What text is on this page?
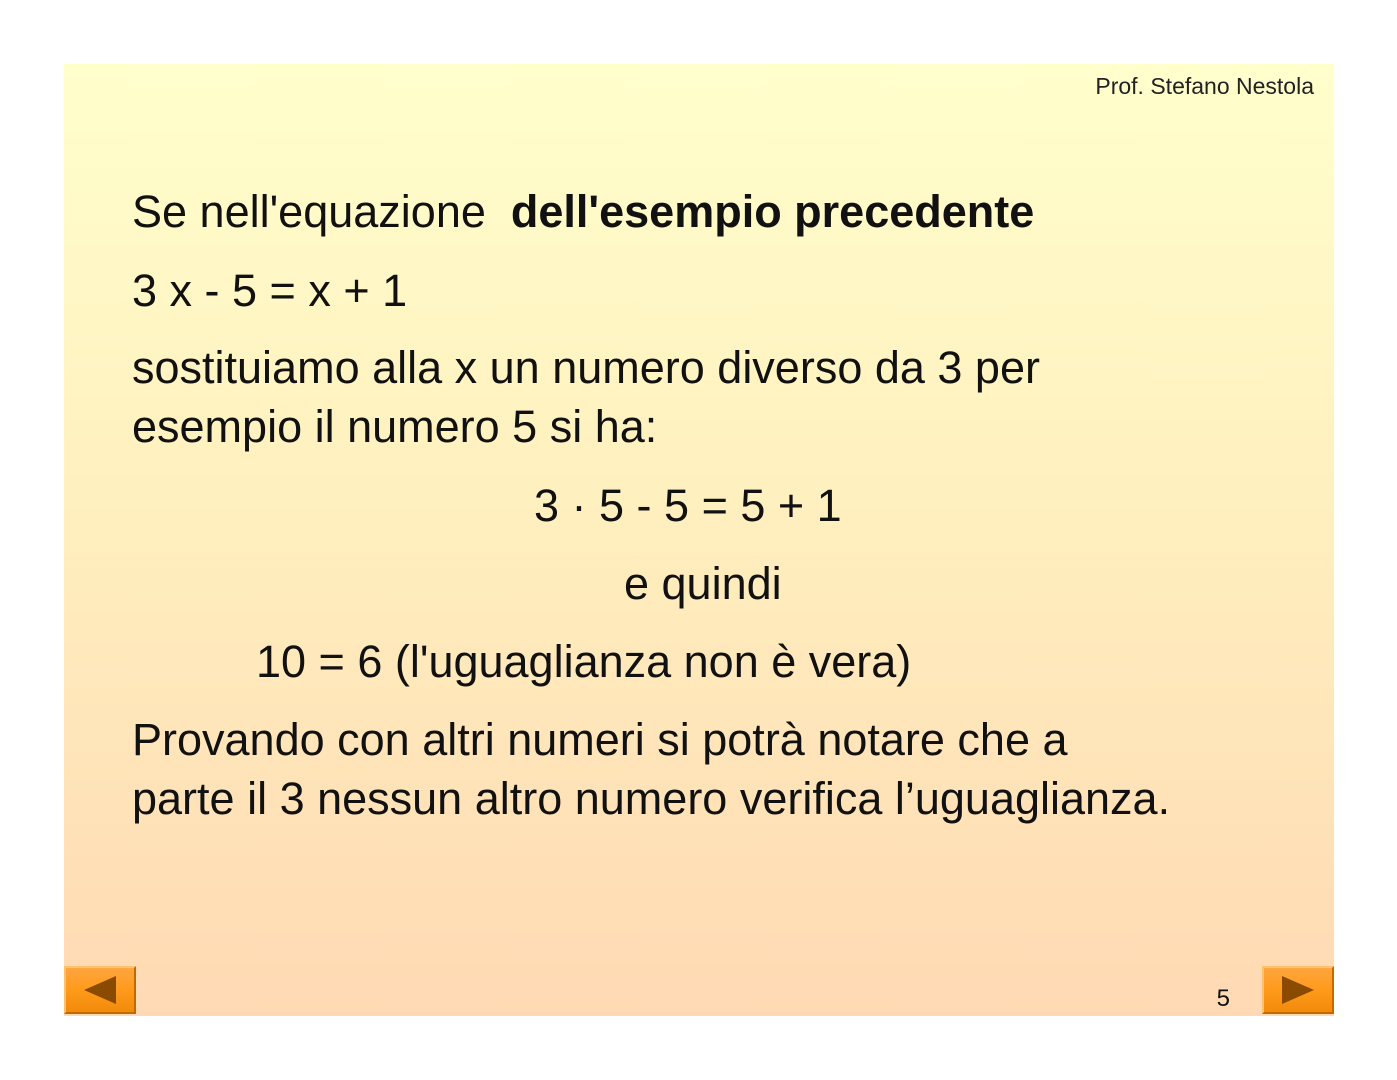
Prof. Stefano Nestola
Se nell'equazione dell'esempio precedente
3 x - 5 = x + 1
sostituiamo alla x un numero diverso da 3 per
esempio il numero 5 si ha:
3 · 5 - 5 = 5 + 1
e quindi
10 = 6 (l'uguaglianza non è vera)
Provando con altri numeri si potrà notare che a
parte il 3 nessun altro numero verifica l’uguaglianza.
5
